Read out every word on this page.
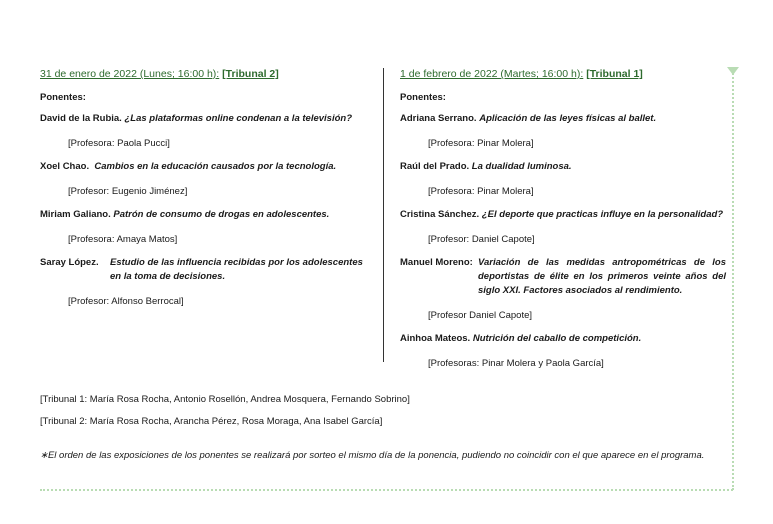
31 de enero de 2022 (Lunes; 16:00 h): [Tribunal 2]
Ponentes:
David de la Rubia. ¿Las plataformas online condenan a la televisión?
[Profesora: Paola Pucci]
Xoel Chao. Cambios en la educación causados por la tecnología.
[Profesor: Eugenio Jiménez]
Miriam Galiano. Patrón de consumo de drogas en adolescentes.
[Profesora: Amaya Matos]
Saray López.	Estudio de las influencia recibidas por los adolescentes en la toma de decisiones.
[Profesor: Alfonso Berrocal]
1 de febrero de 2022 (Martes; 16:00 h): [Tribunal 1]
Ponentes:
Adriana Serrano. Aplicación de las leyes físicas al ballet.
[Profesora: Pinar Molera]
Raúl del Prado. La dualidad luminosa.
[Profesora: Pinar Molera]
Cristina Sánchez. ¿El deporte que practicas influye en la personalidad?
[Profesor: Daniel Capote]
Manuel Moreno: Variación de las medidas antropométricas de los deportistas de élite en los primeros veinte años del siglo XXI. Factores asociados al rendimiento.
[Profesor Daniel Capote]
Ainhoa Mateos. Nutrición del caballo de competición.
[Profesoras: Pinar Molera y Paola García]
[Tribunal 1: María Rosa Rocha, Antonio Rosellón, Andrea Mosquera, Fernando Sobrino]
[Tribunal 2: María Rosa Rocha, Arancha Pérez, Rosa Moraga, Ana Isabel García]
∗El orden de las exposiciones de los ponentes se realizará por sorteo el mismo día de la ponencia, pudiendo no coincidir con el que aparece en el programa.
